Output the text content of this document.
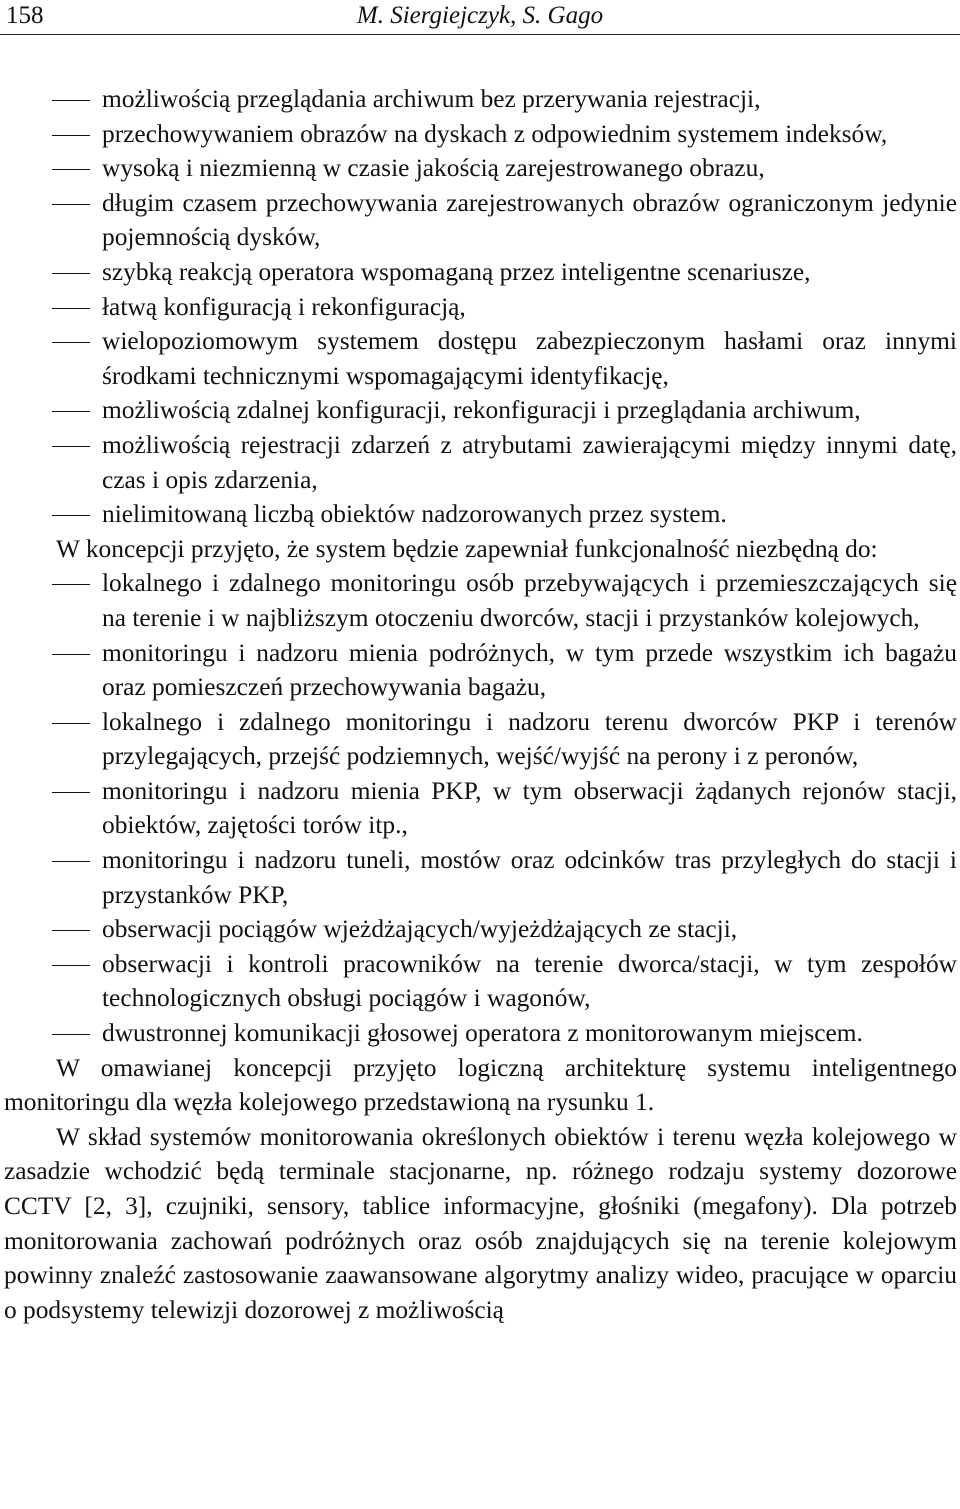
158	M. Siergiejczyk, S. Gago
możliwością przeglądania archiwum bez przerywania rejestracji,
przechowywaniem obrazów na dyskach z odpowiednim systemem indeksów,
wysoką i niezmienną w czasie jakością zarejestrowanego obrazu,
długim czasem przechowywania zarejestrowanych obrazów ograniczonym jedynie pojemnością dysków,
szybką reakcją operatora wspomaganą przez inteligentne scenariusze,
łatwą konfiguracją i rekonfiguracją,
wielopoziomowym systemem dostępu zabezpieczonym hasłami oraz innymi środkami technicznymi wspomagającymi identyfikację,
możliwością zdalnej konfiguracji, rekonfiguracji i przeglądania archiwum,
możliwością rejestracji zdarzeń z atrybutami zawierającymi między innymi datę, czas i opis zdarzenia,
nielimitowaną liczbą obiektów nadzorowanych przez system.

W koncepcji przyjęto, że system będzie zapewniał funkcjonalność niezbędną do:

lokalnego i zdalnego monitoringu osób przebywających i przemieszczających się na terenie i w najbliższym otoczeniu dworców, stacji i przystanków kolejowych,
monitoringu i nadzoru mienia podróżnych, w tym przede wszystkim ich bagażu oraz pomieszczeń przechowywania bagażu,
lokalnego i zdalnego monitoringu i nadzoru terenu dworców PKP i terenów przylegających, przejść podziemnych, wejść/wyjść na perony i z peronów,
monitoringu i nadzoru mienia PKP, w tym obserwacji żądanych rejonów stacji, obiektów, zajętości torów itp.,
monitoringu i nadzoru tuneli, mostów oraz odcinków tras przyległych do stacji i przystanków PKP,
obserwacji pociągów wjeżdżających/wyjeżdżających ze stacji,
obserwacji i kontroli pracowników na terenie dworca/stacji, w tym zespołów technologicznych obsługi pociągów i wagonów,
dwustronnej komunikacji głosowej operatora z monitorowanym miejscem.

W omawianej koncepcji przyjęto logiczną architekturę systemu inteligentnego monitoringu dla węzła kolejowego przedstawioną na rysunku 1.

W skład systemów monitorowania określonych obiektów i terenu węzła kolejowego w zasadzie wchodzić będą terminale stacjonarne, np. różnego rodzaju systemy dozorowe CCTV [2, 3], czujniki, sensory, tablice informacyjne, głośniki (megafony). Dla potrzeb monitorowania zachowań podróżnych oraz osób znajdujących się na terenie kolejowym powinny znaleźć zastosowanie zaawansowane algorytmy analizy wideo, pracujące w oparciu o podsystemy telewizji dozorowej z możliwością
